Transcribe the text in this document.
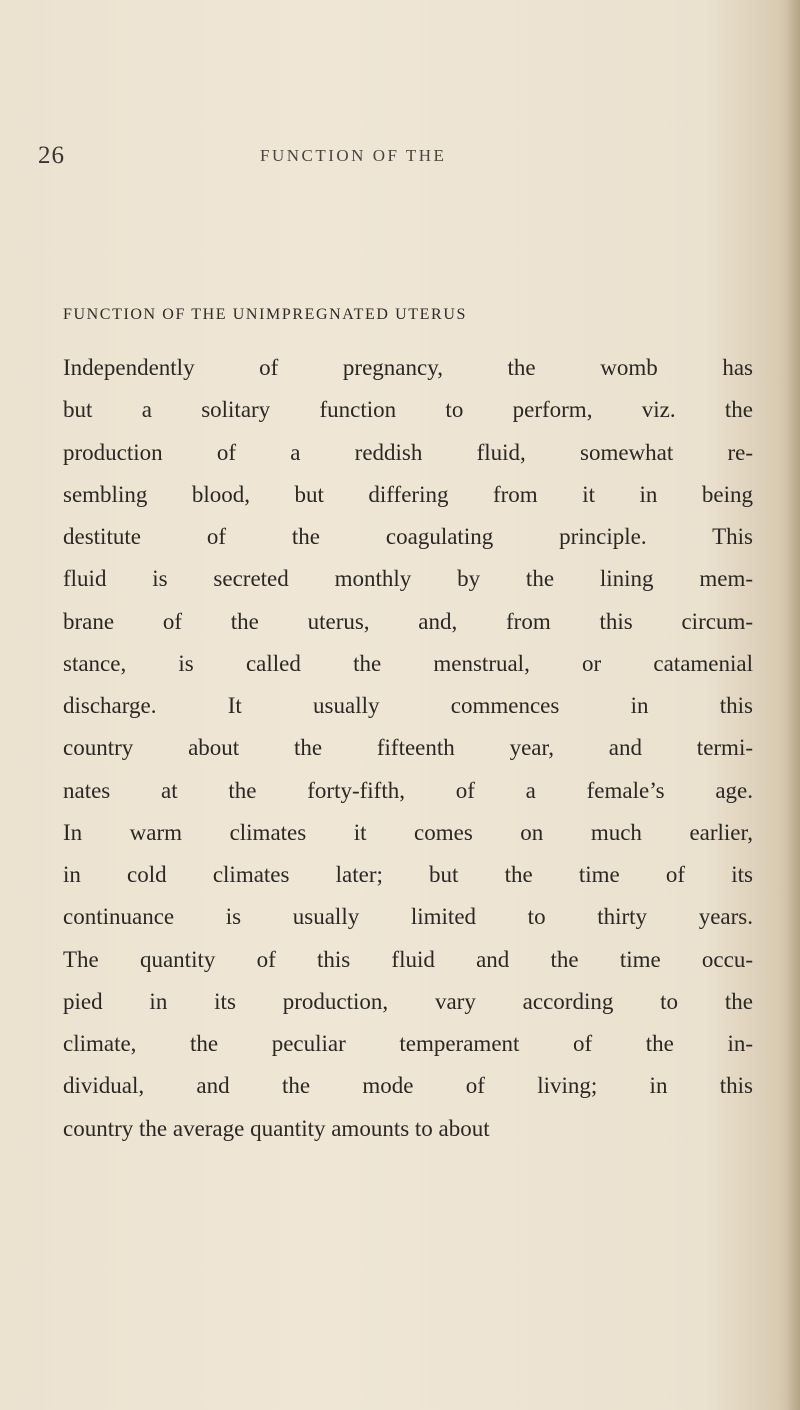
26	FUNCTION OF THE
FUNCTION OF THE UNIMPREGNATED UTERUS
Independently of pregnancy, the womb has
but a solitary function to perform, viz. the
production of a reddish fluid, somewhat re-
sembling blood, but differing from it in being
destitute of the coagulating principle. This
fluid is secreted monthly by the lining mem-
brane of the uterus, and, from this circum-
stance, is called the menstrual, or catamenial
discharge. It usually commences in this
country about the fifteenth year, and termi-
nates at the forty-fifth, of a female’s age.
In warm climates it comes on much earlier,
in cold climates later; but the time of its
continuance is usually limited to thirty years.
The quantity of this fluid and the time occu-
pied in its production, vary according to the
climate, the peculiar temperament of the in-
dividual, and the mode of living; in this
country the average quantity amounts to about
